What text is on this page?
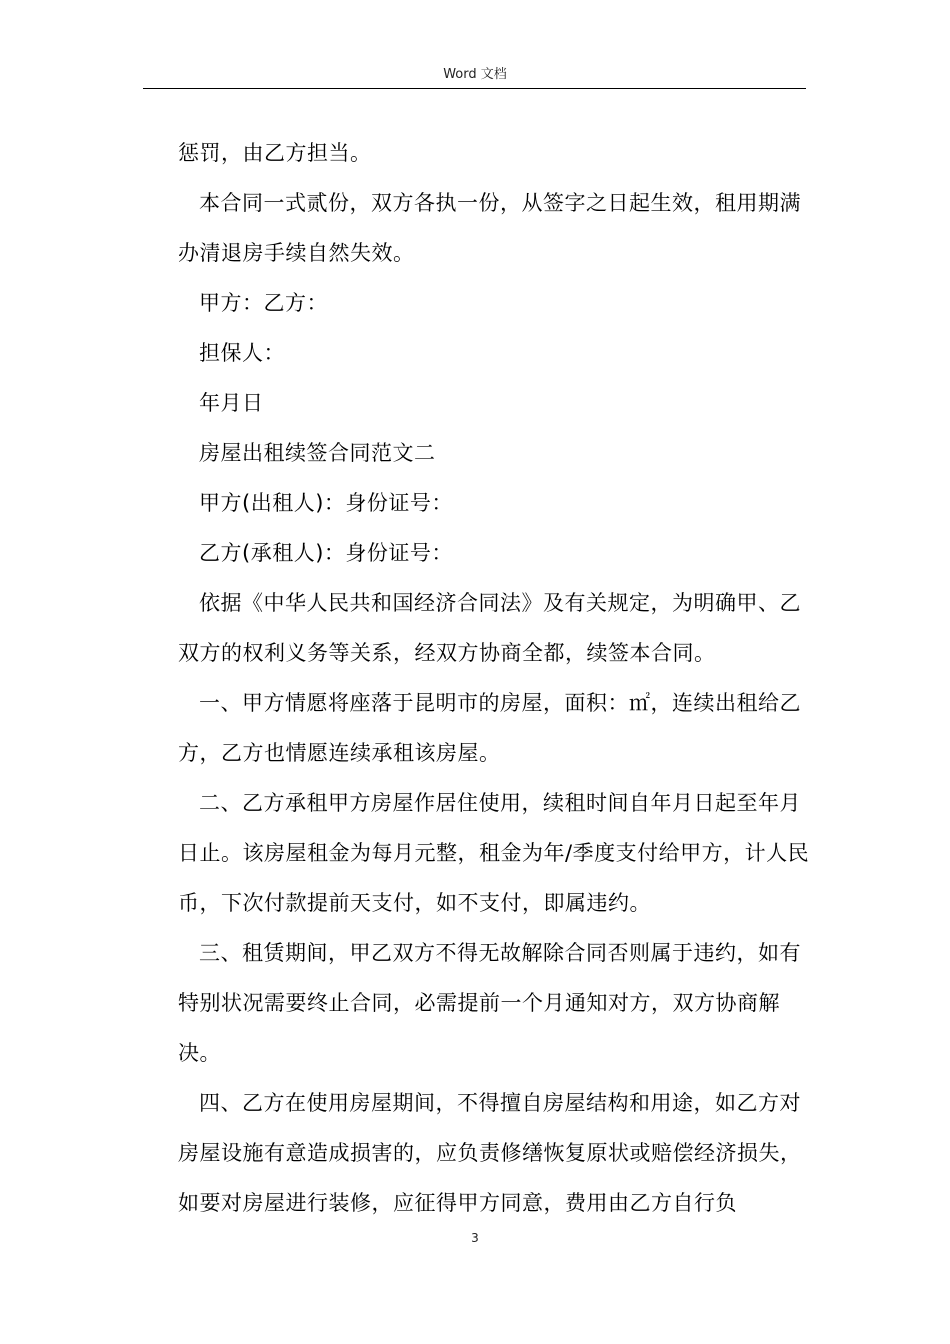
Word 文档

惩罚，由乙方担当。

本合同一式贰份，双方各执一份，从签字之日起生效，租用期满办清退房手续自然失效。

甲方：乙方：

担保人：

年月日

房屋出租续签合同范文二

甲方(出租人)：身份证号：

乙方(承租人)：身份证号：

依据《中华人民共和国经济合同法》及有关规定，为明确甲、乙双方的权利义务等关系，经双方协商全都，续签本合同。

一、甲方情愿将座落于昆明市的房屋，面积：㎡，连续出租给乙方，乙方也情愿连续承租该房屋。

二、乙方承租甲方房屋作居住使用，续租时间自年月日起至年月日止。该房屋租金为每月元整，租金为年/季度支付给甲方，计人民币，下次付款提前天支付，如不支付，即属违约。

三、租赁期间，甲乙双方不得无故解除合同否则属于违约，如有特别状况需要终止合同，必需提前一个月通知对方，双方协商解决。

四、乙方在使用房屋期间，不得擅自房屋结构和用途，如乙方对房屋设施有意造成损害的，应负责修缮恢复原状或赔偿经济损失，如要对房屋进行装修，应征得甲方同意，费用由乙方自行负

3
